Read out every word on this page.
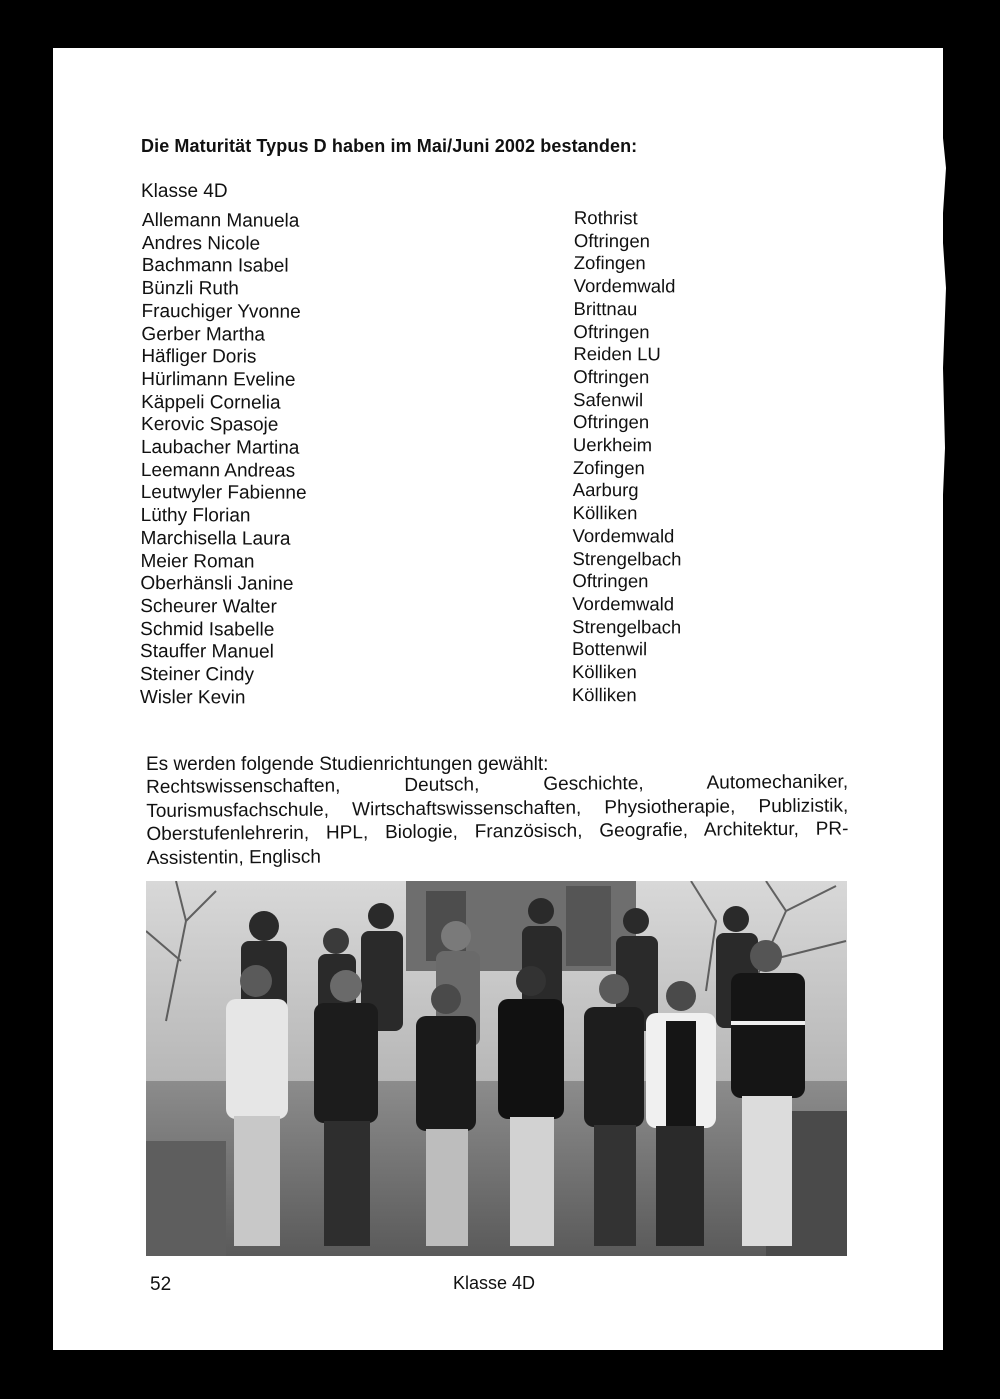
Die Maturität Typus D haben im Mai/Juni 2002 bestanden:
Klasse 4D
Allemann Manuela
Andres Nicole
Bachmann Isabel
Bünzli Ruth
Frauchiger Yvonne
Gerber Martha
Häfliger Doris
Hürlimann Eveline
Käppeli Cornelia
Kerovic Spasoje
Laubacher Martina
Leemann Andreas
Leutwyler Fabienne
Lüthy Florian
Marchisella Laura
Meier Roman
Oberhänsli Janine
Scheurer Walter
Schmid Isabelle
Stauffer Manuel
Steiner Cindy
Wisler Kevin
Rothrist
Oftringen
Zofingen
Vordemwald
Brittnau
Oftringen
Reiden LU
Oftringen
Safenwil
Oftringen
Uerkheim
Zofingen
Aarburg
Kölliken
Vordemwald
Strengelbach
Oftringen
Vordemwald
Strengelbach
Bottenwil
Kölliken
Kölliken
Es werden folgende Studienrichtungen gewählt:
Rechtswissenschaften, Deutsch, Geschichte, Automechaniker, Tourismusfachschule, Wirtschaftswissenschaften, Physiotherapie, Publizistik, Oberstufenlehrerin, HPL, Biologie, Französisch, Geografie, Architektur, PR-Assistentin, Englisch
52	Klasse 4D
